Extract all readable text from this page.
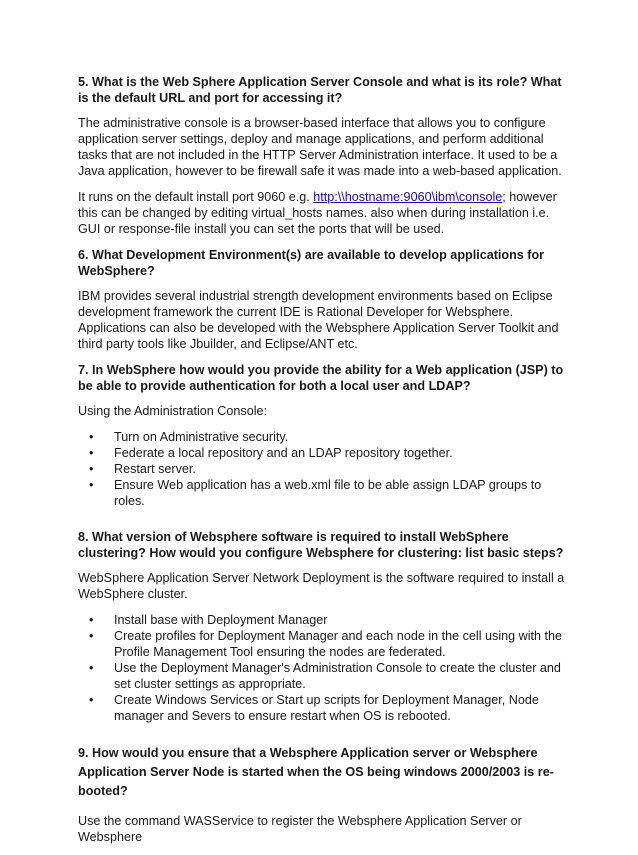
5. What is the Web Sphere Application Server Console and what is its role? What is the default URL and port for accessing it?

The administrative console is a browser-based interface that allows you to configure application server settings, deploy and manage applications, and perform additional tasks that are not included in the HTTP Server Administration interface. It used to be a Java application, however to be firewall safe it was made into a web-based application.

It runs on the default install port 9060 e.g. http:\\hostname:9060\ibm\console; however this can be changed by editing virtual_hosts names. also when during installation i.e. GUI or response-file install you can set the ports that will be used.

6. What Development Environment(s) are available to develop applications for WebSphere?

IBM provides several industrial strength development environments based on Eclipse development framework the current IDE is Rational Developer for Websphere. Applications can also be developed with the Websphere Application Server Toolkit and third party tools like Jbuilder, and Eclipse/ANT etc.

7. In WebSphere how would you provide the ability for a Web application (JSP) to be able to provide authentication for both a local user and LDAP?

Using the Administration Console:

• Turn on Administrative security.
• Federate a local repository and an LDAP repository together.
• Restart server.
• Ensure Web application has a web.xml file to be able assign LDAP groups to roles.
8. What version of Websphere software is required to install WebSphere clustering? How would you configure Websphere for clustering: list basic steps?

WebSphere Application Server Network Deployment is the software required to install a WebSphere cluster.

• Install base with Deployment Manager
• Create profiles for Deployment Manager and each node in the cell using with the Profile Management Tool ensuring the nodes are federated.
• Use the Deployment Manager's Administration Console to create the cluster and set cluster settings as appropriate.
• Create Windows Services or Start up scripts for Deployment Manager, Node manager and Severs to ensure restart when OS is rebooted.
9. How would you ensure that a Websphere Application server or Websphere Application Server Node is started when the OS being windows 2000/2003 is re-booted?

Use the command WASService to register the Websphere Application Server or Websphere
